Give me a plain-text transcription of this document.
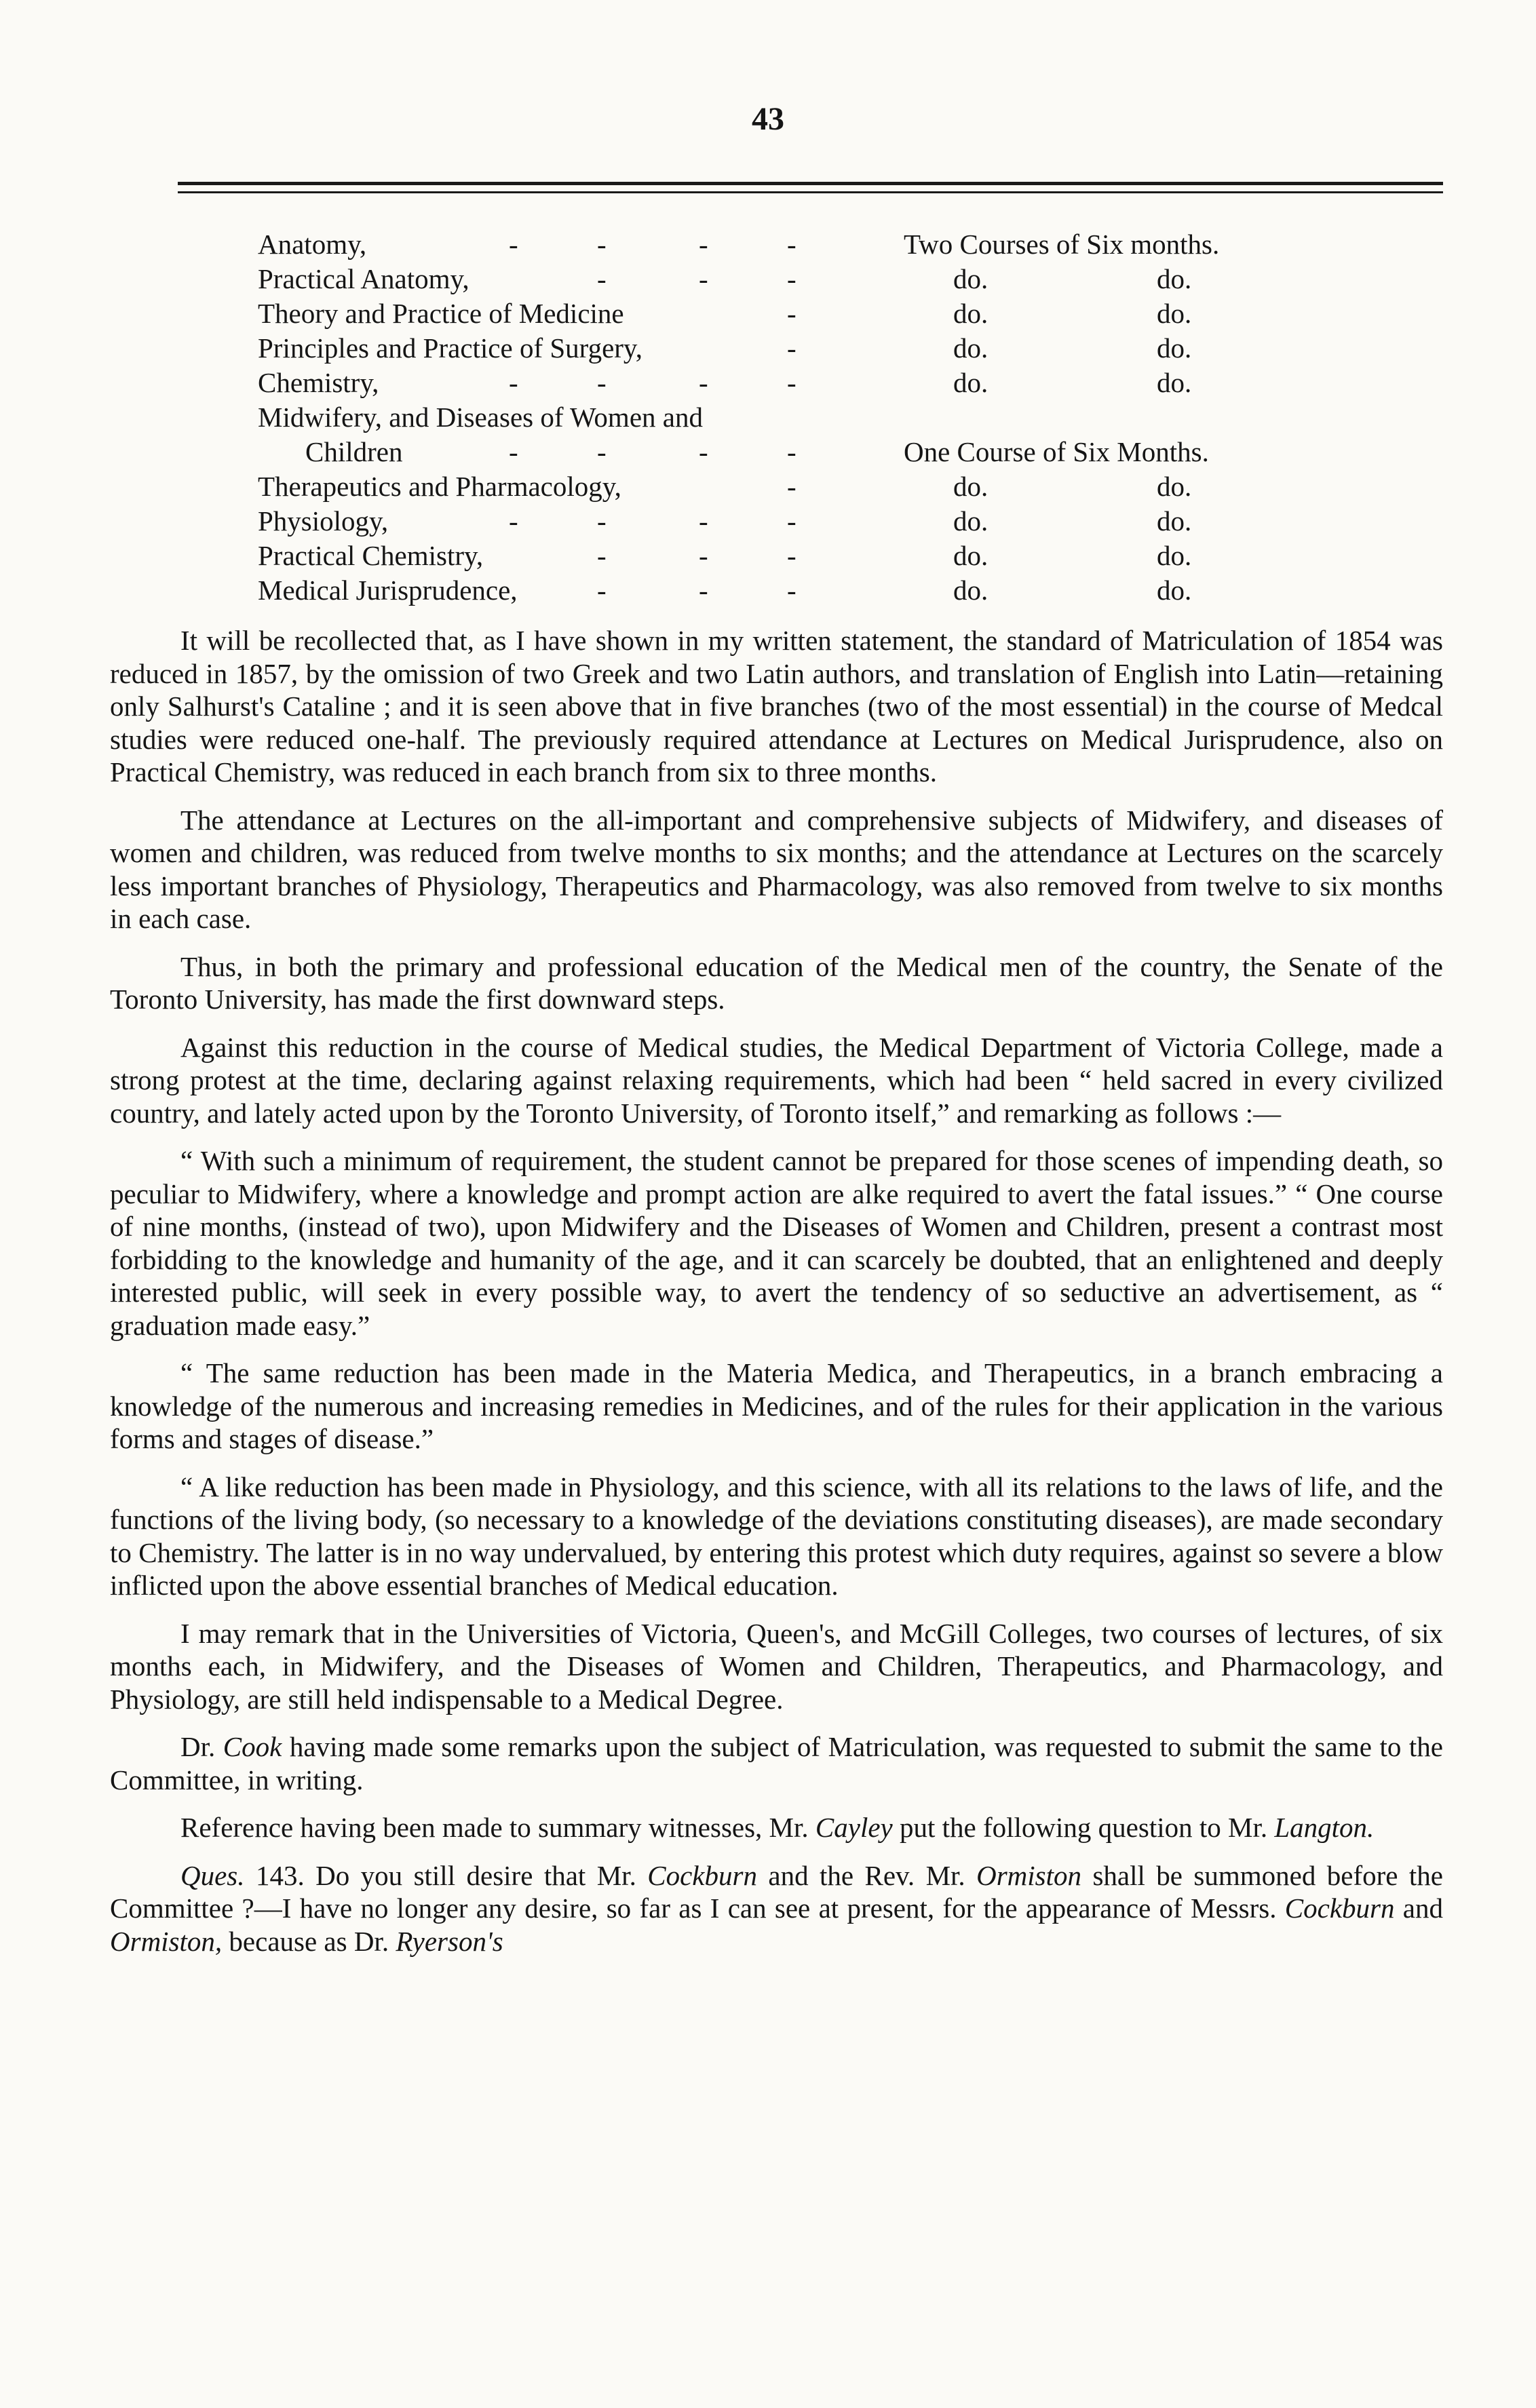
43
Anatomy,	-	-	-	-	Two Courses of Six months.
Practical Anatomy,	-	-	-	do.	do.
Theory and Practice of Medicine	-	do.	do.
Principles and Practice of Surgery,	-	do.	do.
Chemistry,	-	-	-	-	do.	do.
Midwifery, and Diseases of Women and
Children	-	-	-	-	One Course of Six Months.
Therapeutics and Pharmacology,	-	do.	do.
Physiology,	-	-	-	-	do.	do.
Practical Chemistry,	-	-	-	do.	do.
Medical Jurisprudence,	-	-	-	do.	do.

It will be recollected that, as I have shown in my written statement, the standard of Matriculation of 1854 was reduced in 1857, by the omission of two Greek and two Latin authors, and translation of English into Latin—retaining only Salhurst's Cataline ; and it is seen above that in five branches (two of the most essential) in the course of Medcal studies were reduced one-half. The previously required attendance at Lectures on Medical Jurisprudence, also on Practical Chemistry, was reduced in each branch from six to three months.

The attendance at Lectures on the all-important and comprehensive subjects of Midwifery, and diseases of women and children, was reduced from twelve months to six months; and the attendance at Lectures on the scarcely less important branches of Physiology, Therapeutics and Pharmacology, was also removed from twelve to six months in each case.

Thus, in both the primary and professional education of the Medical men of the country, the Senate of the Toronto University, has made the first downward steps.

Against this reduction in the course of Medical studies, the Medical Department of Victoria College, made a strong protest at the time, declaring against relaxing requirements, which had been “ held sacred in every civilized country, and lately acted upon by the Toronto University, of Toronto itself,” and remarking as follows :—

“ With such a minimum of requirement, the student cannot be prepared for those scenes of impending death, so peculiar to Midwifery, where a knowledge and prompt action are alke required to avert the fatal issues.” “ One course of nine months, (instead of two), upon Midwifery and the Diseases of Women and Children, present a contrast most forbidding to the knowledge and humanity of the age, and it can scarcely be doubted, that an enlightened and deeply interested public, will seek in every possible way, to avert the tendency of so seductive an advertisement, as “ graduation made easy.”

“ The same reduction has been made in the Materia Medica, and Therapeutics, in a branch embracing a knowledge of the numerous and increasing remedies in Medicines, and of the rules for their application in the various forms and stages of disease.”

“ A like reduction has been made in Physiology, and this science, with all its relations to the laws of life, and the functions of the living body, (so necessary to a knowledge of the deviations constituting diseases), are made secondary to Chemistry. The latter is in no way undervalued, by entering this protest which duty requires, against so severe a blow inflicted upon the above essential branches of Medical education.

I may remark that in the Universities of Victoria, Queen's, and McGill Colleges, two courses of lectures, of six months each, in Midwifery, and the Diseases of Women and Children, Therapeutics, and Pharmacology, and Physiology, are still held indispensable to a Medical Degree.

Dr. Cook having made some remarks upon the subject of Matriculation, was requested to submit the same to the Committee, in writing.

Reference having been made to summary witnesses, Mr. Cayley put the following question to Mr. Langton.

Ques. 143. Do you still desire that Mr. Cockburn and the Rev. Mr. Ormiston shall be summoned before the Committee ?—I have no longer any desire, so far as I can see at present, for the appearance of Messrs. Cockburn and Ormiston, because as Dr. Ryerson's
